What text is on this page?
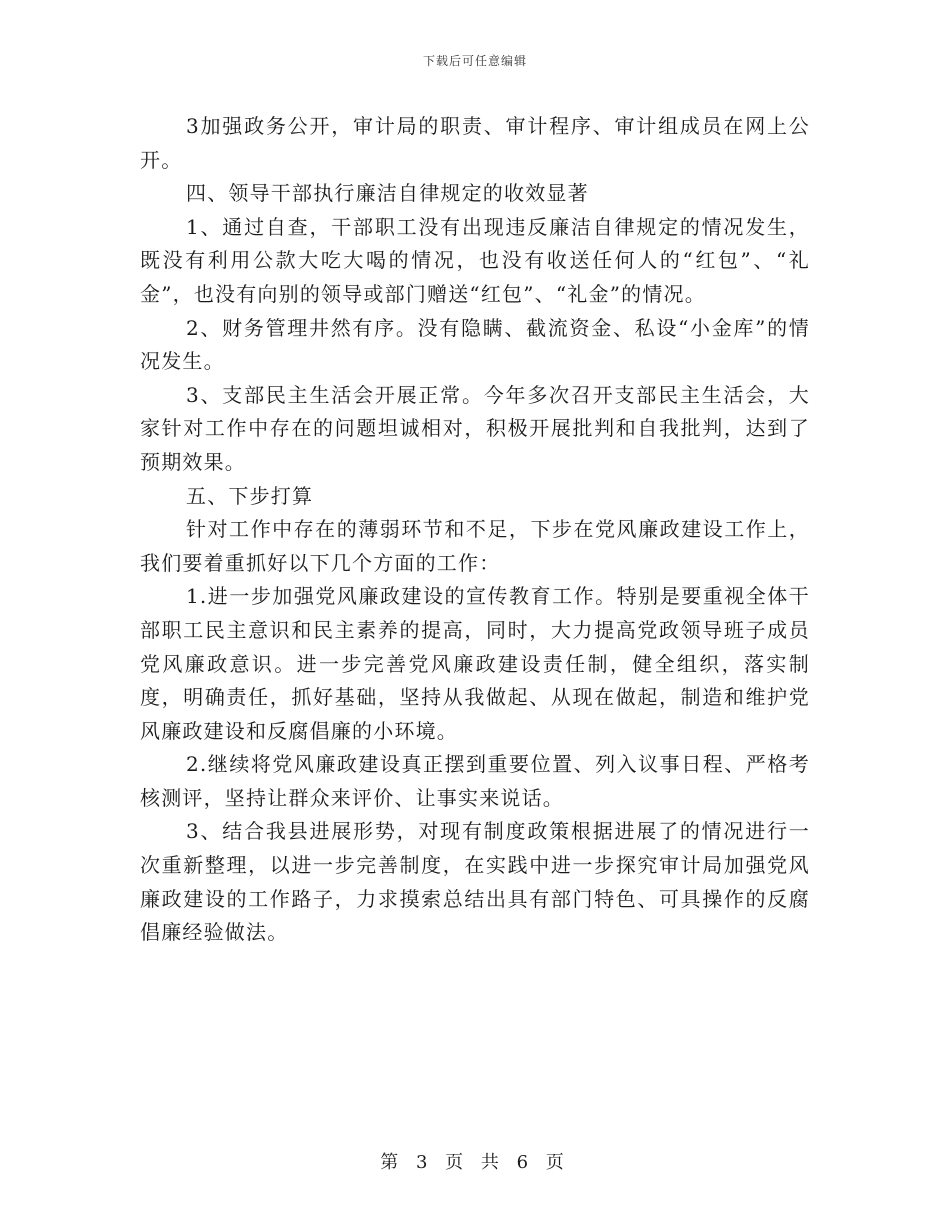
下载后可任意编辑

3加强政务公开，审计局的职责、审计程序、审计组成员在网上公开。

四、领导干部执行廉洁自律规定的收效显著

1、通过自查，干部职工没有出现违反廉洁自律规定的情况发生，既没有利用公款大吃大喝的情况，也没有收送任何人的“红包”、“礼金”，也没有向别的领导或部门赠送“红包”、“礼金”的情况。

2、财务管理井然有序。没有隐瞒、截流资金、私设“小金库”的情况发生。

3、支部民主生活会开展正常。今年多次召开支部民主生活会，大家针对工作中存在的问题坦诚相对，积极开展批判和自我批判，达到了预期效果。

五、下步打算

针对工作中存在的薄弱环节和不足，下步在党风廉政建设工作上，我们要着重抓好以下几个方面的工作：

1.进一步加强党风廉政建设的宣传教育工作。特别是要重视全体干部职工民主意识和民主素养的提高，同时，大力提高党政领导班子成员党风廉政意识。进一步完善党风廉政建设责任制，健全组织，落实制度，明确责任，抓好基础，坚持从我做起、从现在做起，制造和维护党风廉政建设和反腐倡廉的小环境。

2.继续将党风廉政建设真正摆到重要位置、列入议事日程、严格考核测评，坚持让群众来评价、让事实来说话。

3、结合我县进展形势，对现有制度政策根据进展了的情况进行一次重新整理，以进一步完善制度，在实践中进一步探究审计局加强党风廉政建设的工作路子，力求摸索总结出具有部门特色、可具操作的反腐倡廉经验做法。

第 3 页 共 6 页
